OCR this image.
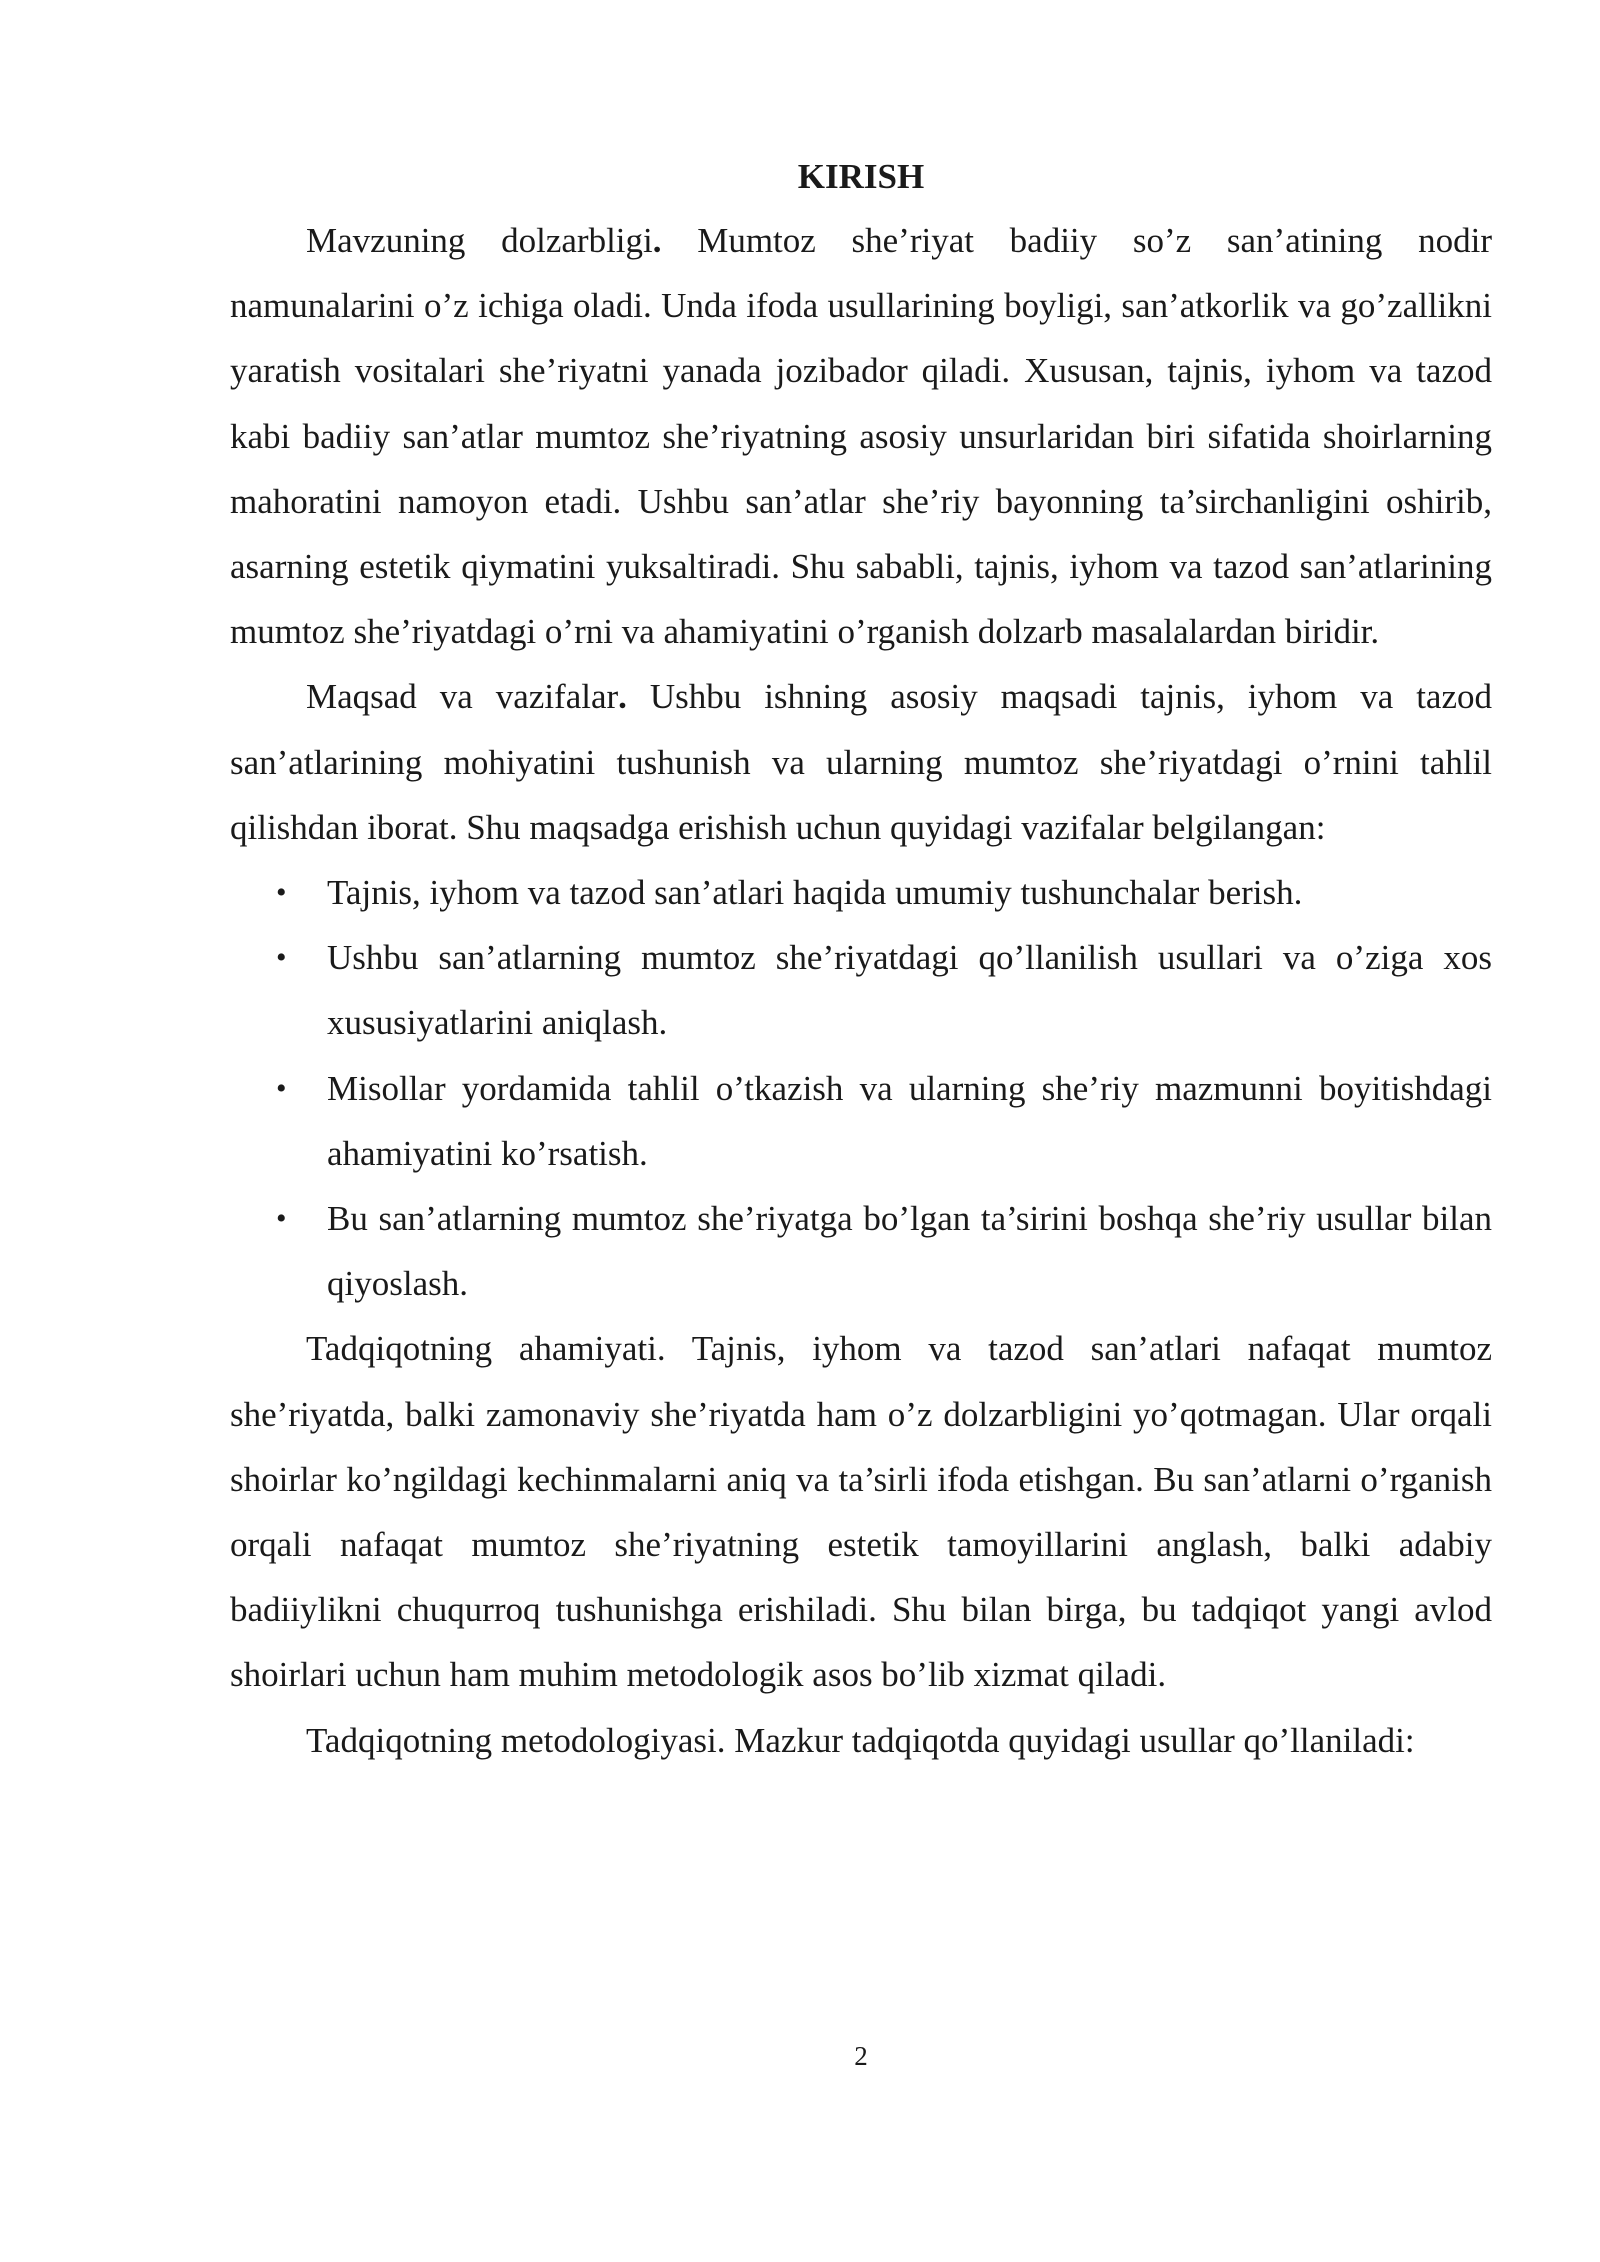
KIRISH

Mavzuning dolzarbligi. Mumtoz she’riyat badiiy so’z san’atining nodir namunalarini o’z ichiga oladi. Unda ifoda usullarining boyligi, san’atkorlik va go’zallikni yaratish vositalari she’riyatni yanada jozibador qiladi. Xususan, tajnis, iyhom va tazod kabi badiiy san’atlar mumtoz she’riyatning asosiy unsurlaridan biri sifatida shoirlarning mahoratini namoyon etadi. Ushbu san’atlar she’riy bayonning ta’sirchanligini oshirib, asarning estetik qiymatini yuksaltiradi. Shu sababli, tajnis, iyhom va tazod san’atlarining mumtoz she’riyatdagi o’rni va ahamiyatini o’rganish dolzarb masalalardan biridir.

Maqsad va vazifalar. Ushbu ishning asosiy maqsadi tajnis, iyhom va tazod san’atlarining mohiyatini tushunish va ularning mumtoz she’riyatdagi o’rnini tahlil qilishdan iborat. Shu maqsadga erishish uchun quyidagi vazifalar belgilangan:

• Tajnis, iyhom va tazod san’atlari haqida umumiy tushunchalar berish.
• Ushbu san’atlarning mumtoz she’riyatdagi qo’llanilish usullari va o’ziga xos xususiyatlarini aniqlash.
• Misollar yordamida tahlil o’tkazish va ularning she’riy mazmunni boyitishdagi ahamiyatini ko’rsatish.
• Bu san’atlarning mumtoz she’riyatga bo’lgan ta’sirini boshqa she’riy usullar bilan qiyoslash.

Tadqiqotning ahamiyati. Tajnis, iyhom va tazod san’atlari nafaqat mumtoz she’riyatda, balki zamonaviy she’riyatda ham o’z dolzarbligini yo’qotmagan. Ular orqali shoirlar ko’ngildagi kechinmalarni aniq va ta’sirli ifoda etishgan. Bu san’atlarni o’rganish orqali nafaqat mumtoz she’riyatning estetik tamoyillarini anglash, balki adabiy badiiylikni chuqurroq tushunishga erishiladi. Shu bilan birga, bu tadqiqot yangi avlod shoirlari uchun ham muhim metodologik asos bo’lib xizmat qiladi.

Tadqiqotning metodologiyasi. Mazkur tadqiqotda quyidagi usullar qo’llaniladi:

2
